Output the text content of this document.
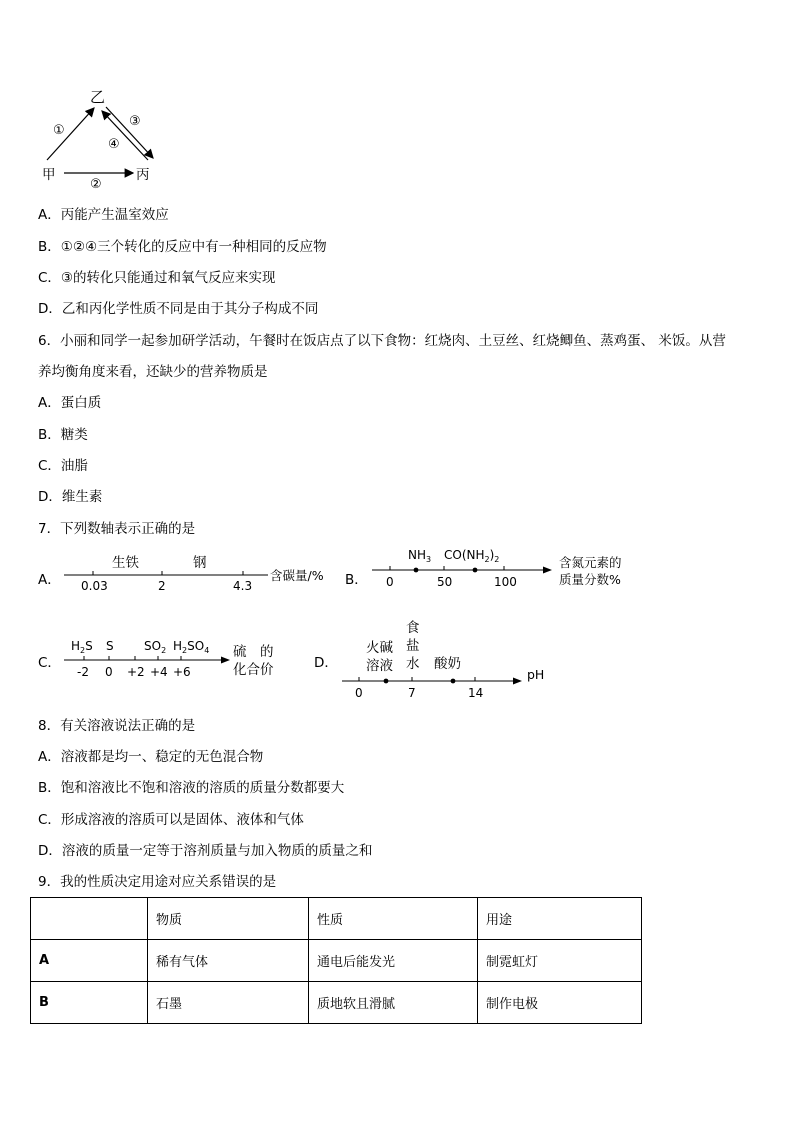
乙
甲	丙
①
②
③
④
A．丙能产生温室效应
B．①②④三个转化的反应中有一种相同的反应物
C．③的转化只能通过和氧气反应来实现
D．乙和丙化学性质不同是由于其分子构成不同
6．小丽和同学一起参加研学活动，午餐时在饭店点了以下食物：红烧肉、土豆丝、红烧鲫鱼、蒸鸡蛋、 米饭。从营
养均衡角度来看，还缺少的营养物质是
A．蛋白质
B．糖类
C．油脂
D．维生素
7．下列数轴表示正确的是
A．
生铁	钢
0.03	2	4.3
含碳量/% B．
$NH_3$ $CO(NH_2)_2$
0	50	100
含氮元素的
质量分数%
C．
$H_2S$ S	$SO_2$ $H_2SO_4$
-2 0 +2 +4 +6
硫　的
化合价	D．
火碱
溶液
食
盐
水 酸奶
0	7	14
pH
8．有关溶液说法正确的是
A．溶液都是均一、稳定的无色混合物
B．饱和溶液比不饱和溶液的溶质的质量分数都要大
C．形成溶液的溶质可以是固体、液体和气体
D．溶液的质量一定等于溶剂质量与加入物质的质量之和
9．我的性质决定用途对应关系错误的是
	物质	性质	用途
A	稀有气体	通电后能发光	制霓虹灯
B	石墨	质地软且滑腻	制作电极
